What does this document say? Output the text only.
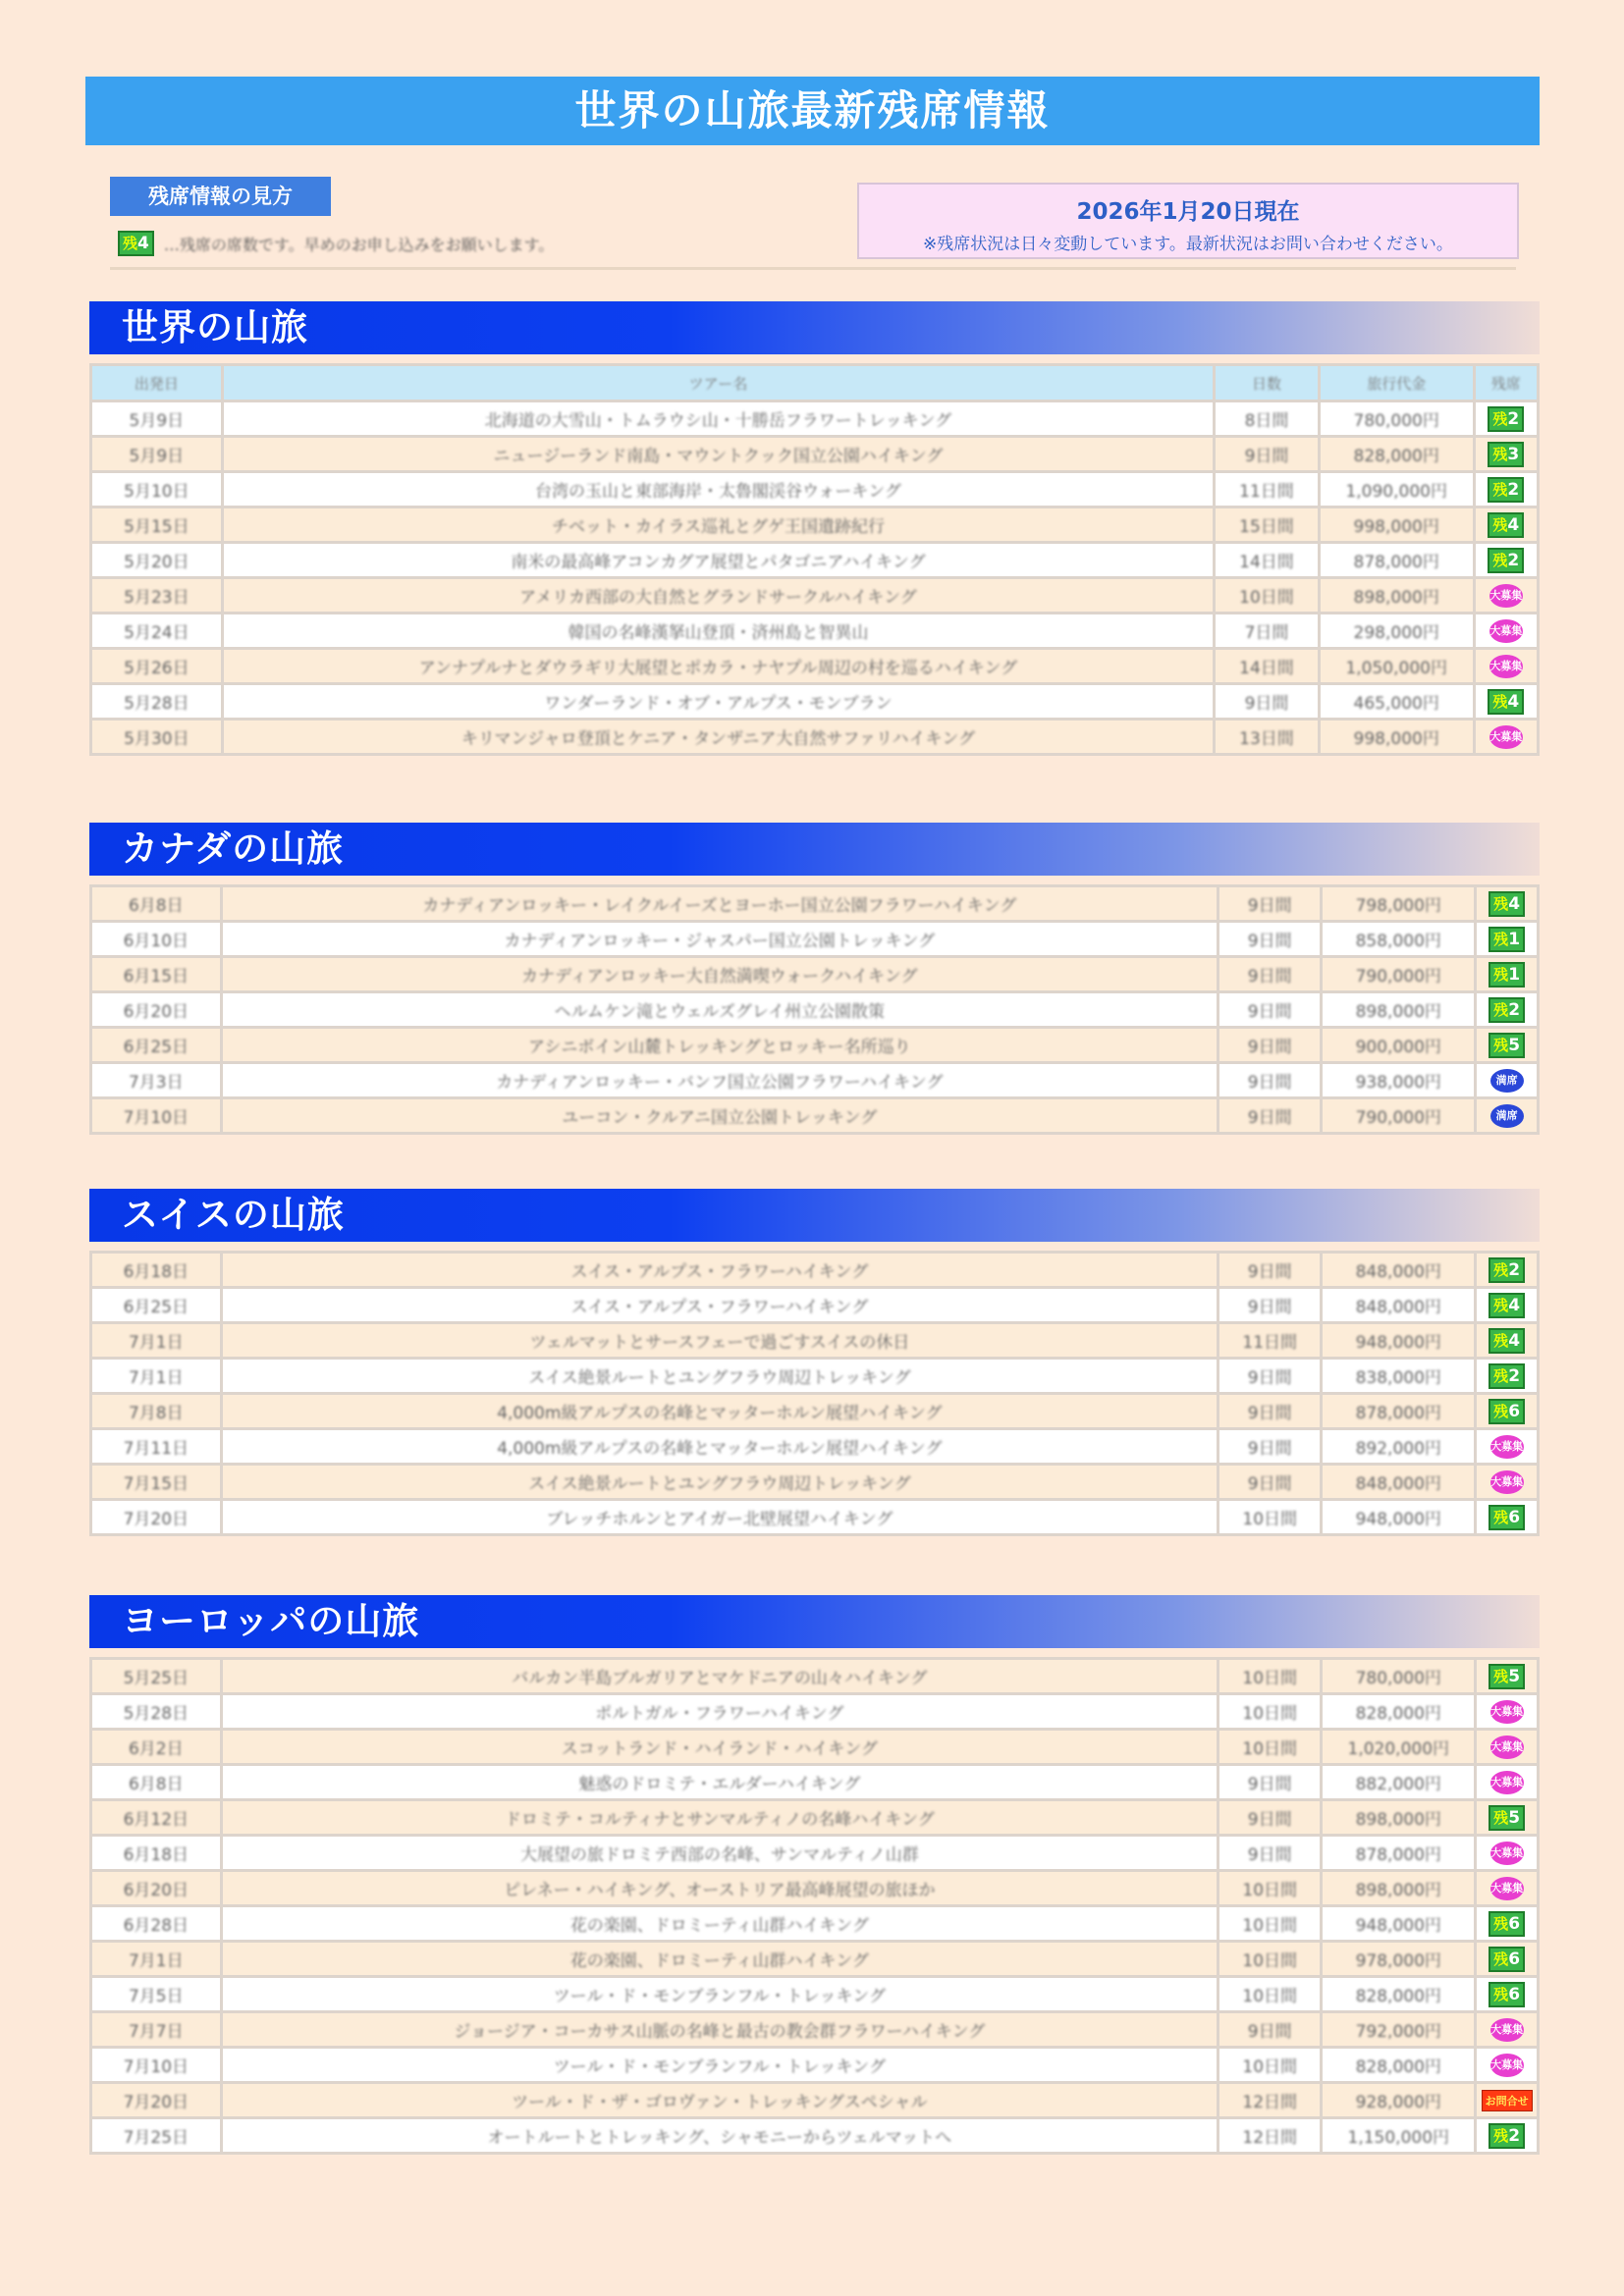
世界の山旅最新残席情報
残席情報の見方
残4 …残席の席数です。早めのお申し込みをお願いします。
2026年1月20日現在
※残席状況は日々変動しています。最新状況はお問い合わせください。
世界の山旅
出発日	ツアー名	日数	旅行代金	残席
5月9日	北海道の大雪山・トムラウシ山・十勝岳フラワートレッキング	8日間	780,000円	残2
5月9日	ニュージーランド南島・マウントクック国立公園ハイキング	9日間	828,000円	残3
5月10日	台湾の玉山と東部海岸・太魯閣渓谷ウォーキング	11日間	1,090,000円	残2
5月15日	チベット・カイラス巡礼とグゲ王国遺跡紀行	15日間	998,000円	残4
5月20日	南米の最高峰アコンカグア展望とパタゴニアハイキング	14日間	878,000円	残2
5月23日	アメリカ西部の大自然とグランドサークルハイキング	10日間	898,000円	大募集
5月24日	韓国の名峰漢拏山登頂・済州島と智異山	7日間	298,000円	大募集
5月26日	アンナプルナとダウラギリ大展望とポカラ・ナヤプル周辺の村を巡るハイキング	14日間	1,050,000円	大募集
5月28日	ワンダーランド・オブ・アルプス・モンブラン	9日間	465,000円	残4
5月30日	キリマンジャロ登頂とケニア・タンザニア大自然サファリハイキング	13日間	998,000円	大募集
カナダの山旅
6月8日	カナディアンロッキー・レイクルイーズとヨーホー国立公園フラワーハイキング	9日間	798,000円	残4
6月10日	カナディアンロッキー・ジャスパー国立公園トレッキング	9日間	858,000円	残1
6月15日	カナディアンロッキー大自然満喫ウォークハイキング	9日間	790,000円	残1
6月20日	ヘルムケン滝とウェルズグレイ州立公園散策	9日間	898,000円	残2
6月25日	アシニボイン山麓トレッキングとロッキー名所巡り	9日間	900,000円	残5
7月3日	カナディアンロッキー・バンフ国立公園フラワーハイキング	9日間	938,000円	満席
7月10日	ユーコン・クルアニ国立公園トレッキング	9日間	790,000円	満席
スイスの山旅
6月18日	スイス・アルプス・フラワーハイキング	9日間	848,000円	残2
6月25日	スイス・アルプス・フラワーハイキング	9日間	848,000円	残4
7月1日	ツェルマットとサースフェーで過ごすスイスの休日	11日間	948,000円	残4
7月1日	スイス絶景ルートとユングフラウ周辺トレッキング	9日間	838,000円	残2
7月8日	4,000m級アルプスの名峰とマッターホルン展望ハイキング	9日間	878,000円	残6
7月11日	4,000m級アルプスの名峰とマッターホルン展望ハイキング	9日間	892,000円	大募集
7月15日	スイス絶景ルートとユングフラウ周辺トレッキング	9日間	848,000円	大募集
7月20日	ブレッチホルンとアイガー北壁展望ハイキング	10日間	948,000円	残6
ヨーロッパの山旅
5月25日	バルカン半島ブルガリアとマケドニアの山々ハイキング	10日間	780,000円	残5
5月28日	ポルトガル・フラワーハイキング	10日間	828,000円	大募集
6月2日	スコットランド・ハイランド・ハイキング	10日間	1,020,000円	大募集
6月8日	魅惑のドロミテ・エルダーハイキング	9日間	882,000円	大募集
6月12日	ドロミテ・コルティナとサンマルティノの名峰ハイキング	9日間	898,000円	残5
6月18日	大展望の旅ドロミテ西部の名峰、サンマルティノ山群	9日間	878,000円	大募集
6月20日	ピレネー・ハイキング、オーストリア最高峰展望の旅ほか	10日間	898,000円	大募集
6月28日	花の楽園、ドロミーティ山群ハイキング	10日間	948,000円	残6
7月1日	花の楽園、ドロミーティ山群ハイキング	10日間	978,000円	残6
7月5日	ツール・ド・モンブランフル・トレッキング	10日間	828,000円	残6
7月7日	ジョージア・コーカサス山脈の名峰と最古の教会群フラワーハイキング	9日間	792,000円	大募集
7月10日	ツール・ド・モンブランフル・トレッキング	10日間	828,000円	大募集
7月20日	ツール・ド・ザ・ゴロヴァン・トレッキングスペシャル	12日間	928,000円	お問合せ
7月25日	オートルートとトレッキング、シャモニーからツェルマットへ	12日間	1,150,000円	残2
